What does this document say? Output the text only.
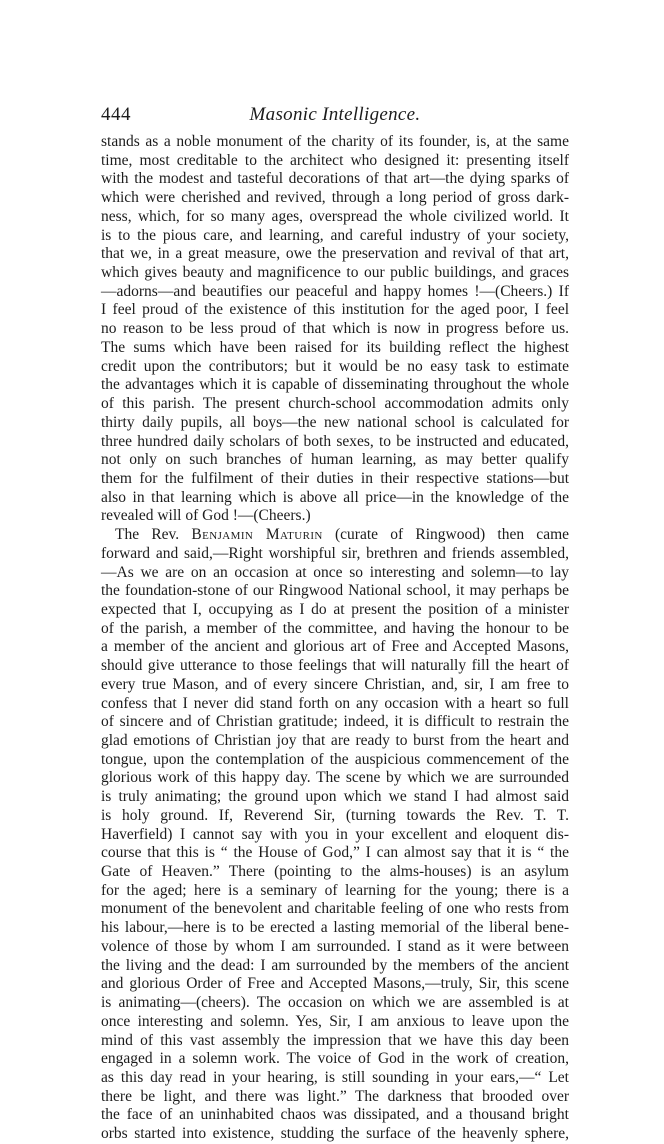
444	Masonic Intelligence.
stands as a noble monument of the charity of its founder, is, at the same
time, most creditable to the architect who designed it: presenting itself
with the modest and tasteful decorations of that art—the dying sparks of
which were cherished and revived, through a long period of gross dark-
ness, which, for so many ages, overspread the whole civilized world. It
is to the pious care, and learning, and careful industry of your society,
that we, in a great measure, owe the preservation and revival of that art,
which gives beauty and magnificence to our public buildings, and graces
—adorns—and beautifies our peaceful and happy homes !—(Cheers.) If
I feel proud of the existence of this institution for the aged poor, I feel
no reason to be less proud of that which is now in progress before us.
The sums which have been raised for its building reflect the highest
credit upon the contributors; but it would be no easy task to estimate
the advantages which it is capable of disseminating throughout the whole
of this parish. The present church-school accommodation admits only
thirty daily pupils, all boys—the new national school is calculated for
three hundred daily scholars of both sexes, to be instructed and educated,
not only on such branches of human learning, as may better qualify
them for the fulfilment of their duties in their respective stations—but
also in that learning which is above all price—in the knowledge of the
revealed will of God !—(Cheers.)
The Rev. Benjamin Maturin (curate of Ringwood) then came
forward and said,—Right worshipful sir, brethren and friends assembled,
—As we are on an occasion at once so interesting and solemn—to lay
the foundation-stone of our Ringwood National school, it may perhaps be
expected that I, occupying as I do at present the position of a minister
of the parish, a member of the committee, and having the honour to be
a member of the ancient and glorious art of Free and Accepted Masons,
should give utterance to those feelings that will naturally fill the heart of
every true Mason, and of every sincere Christian, and, sir, I am free to
confess that I never did stand forth on any occasion with a heart so full
of sincere and of Christian gratitude; indeed, it is difficult to restrain the
glad emotions of Christian joy that are ready to burst from the heart and
tongue, upon the contemplation of the auspicious commencement of the
glorious work of this happy day. The scene by which we are surrounded
is truly animating; the ground upon which we stand I had almost said
is holy ground. If, Reverend Sir, (turning towards the Rev. T. T.
Haverfield) I cannot say with you in your excellent and eloquent dis-
course that this is “ the House of God,” I can almost say that it is “ the
Gate of Heaven.” There (pointing to the alms-houses) is an asylum
for the aged; here is a seminary of learning for the young; there is a
monument of the benevolent and charitable feeling of one who rests from
his labour,—here is to be erected a lasting memorial of the liberal bene-
volence of those by whom I am surrounded. I stand as it were between
the living and the dead: I am surrounded by the members of the ancient
and glorious Order of Free and Accepted Masons,—truly, Sir, this scene
is animating—(cheers). The occasion on which we are assembled is at
once interesting and solemn. Yes, Sir, I am anxious to leave upon the
mind of this vast assembly the impression that we have this day been
engaged in a solemn work. The voice of God in the work of creation,
as this day read in your hearing, is still sounding in your ears,—“ Let
there be light, and there was light.” The darkness that brooded over
the face of an uninhabited chaos was dissipated, and a thousand bright
orbs started into existence, studding the surface of the heavenly sphere,
